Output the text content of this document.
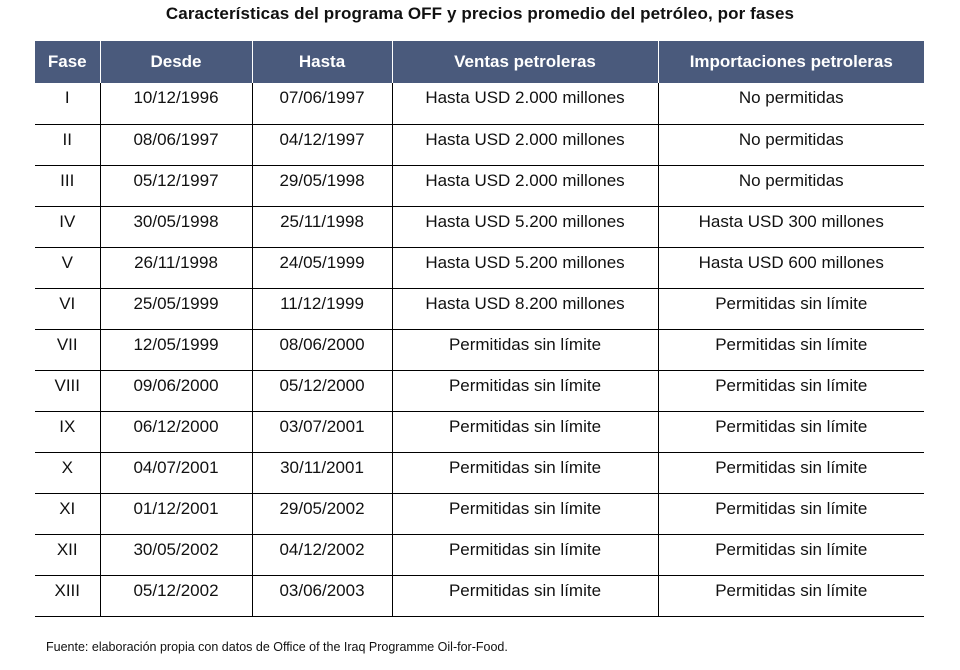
Características del programa OFF y precios promedio del petróleo, por fases
Fase	Desde	Hasta	Ventas petroleras	Importaciones petroleras
I	10/12/1996	07/06/1997	Hasta USD 2.000 millones	No permitidas
II	08/06/1997	04/12/1997	Hasta USD 2.000 millones	No permitidas
III	05/12/1997	29/05/1998	Hasta USD 2.000 millones	No permitidas
IV	30/05/1998	25/11/1998	Hasta USD 5.200 millones	Hasta USD 300 millones
V	26/11/1998	24/05/1999	Hasta USD 5.200 millones	Hasta USD 600 millones
VI	25/05/1999	11/12/1999	Hasta USD 8.200 millones	Permitidas sin límite
VII	12/05/1999	08/06/2000	Permitidas sin límite	Permitidas sin límite
VIII	09/06/2000	05/12/2000	Permitidas sin límite	Permitidas sin límite
IX	06/12/2000	03/07/2001	Permitidas sin límite	Permitidas sin límite
X	04/07/2001	30/11/2001	Permitidas sin límite	Permitidas sin límite
XI	01/12/2001	29/05/2002	Permitidas sin límite	Permitidas sin límite
XII	30/05/2002	04/12/2002	Permitidas sin límite	Permitidas sin límite
XIII	05/12/2002	03/06/2003	Permitidas sin límite	Permitidas sin límite
Fuente: elaboración propia con datos de Office of the Iraq Programme Oil-for-Food.
